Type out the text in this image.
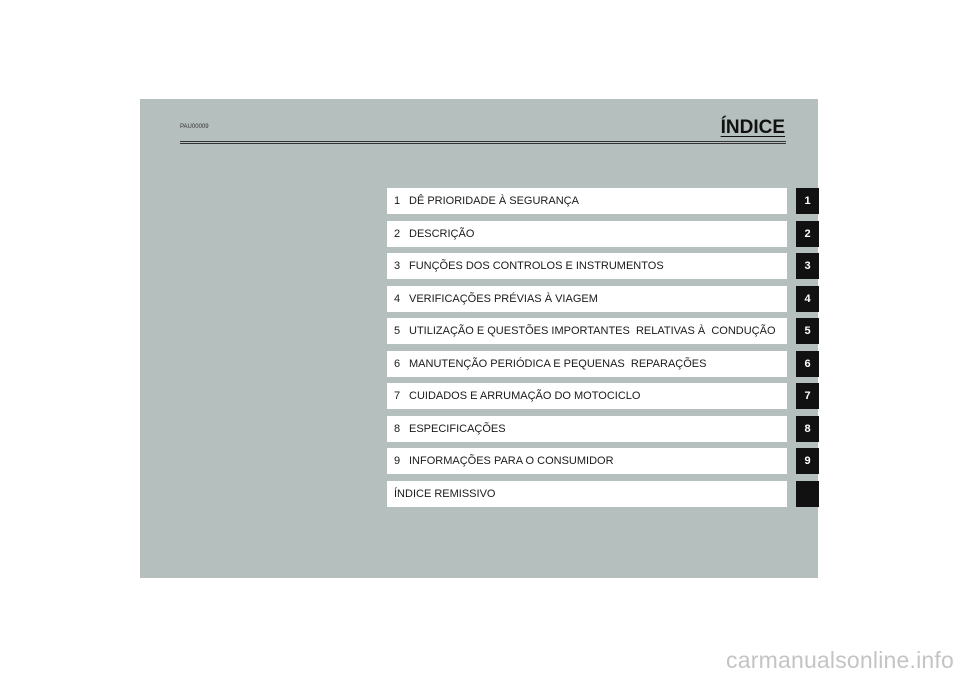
PAU00009	ÍNDICE
1 DÊ PRIORIDADE À SEGURANÇA	1
2 DESCRIÇÃO	2
3 FUNÇÕES DOS CONTROLOS E INSTRUMENTOS	3
4 VERIFICAÇÕES PRÉVIAS À VIAGEM	4
5 UTILIZAÇÃO E QUESTÕES IMPORTANTES  RELATIVAS À  CONDUÇÃO	5
6 MANUTENÇÃO PERIÓDICA E PEQUENAS  REPARAÇÕES	6
7 CUIDADOS E ARRUMAÇÃO DO MOTOCICLO	7
8 ESPECIFICAÇÕES	8
9 INFORMAÇÕES PARA O CONSUMIDOR	9
ÍNDICE REMISSIVO
carmanualsonline.info
